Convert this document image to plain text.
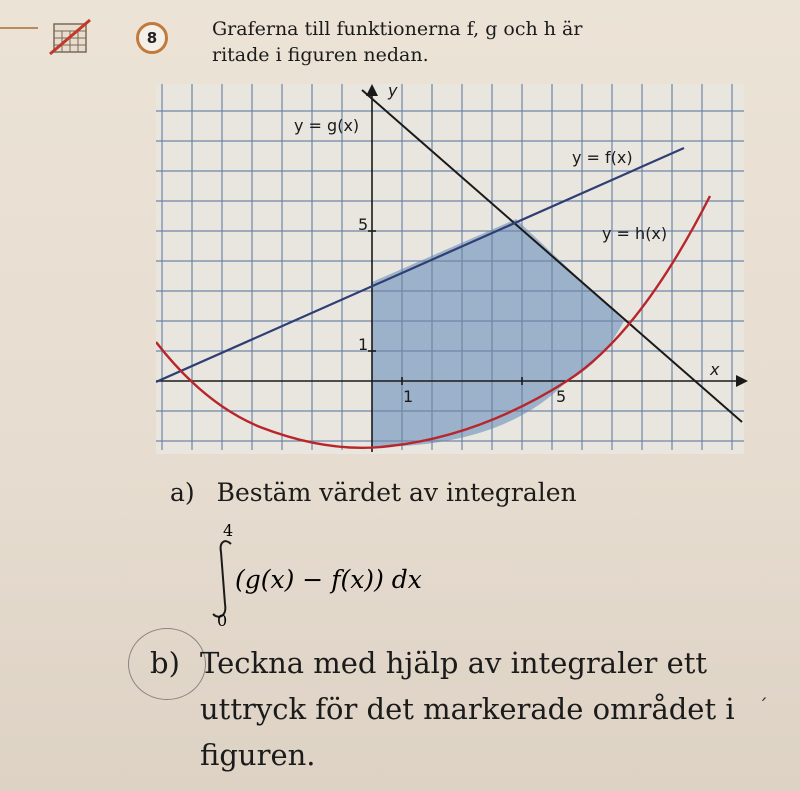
8	Graferna till funktionerna f, g och h är
ritade i figuren nedan.
y
x
y = g(x)
y = f(x)
y = h(x)
5
1
1	5
a) Bestäm värdet av integralen
4
(g(x) − f(x)) dx
0
b) Teckna med hjälp av integraler ett uttryck för det markerade området i figuren.
´
